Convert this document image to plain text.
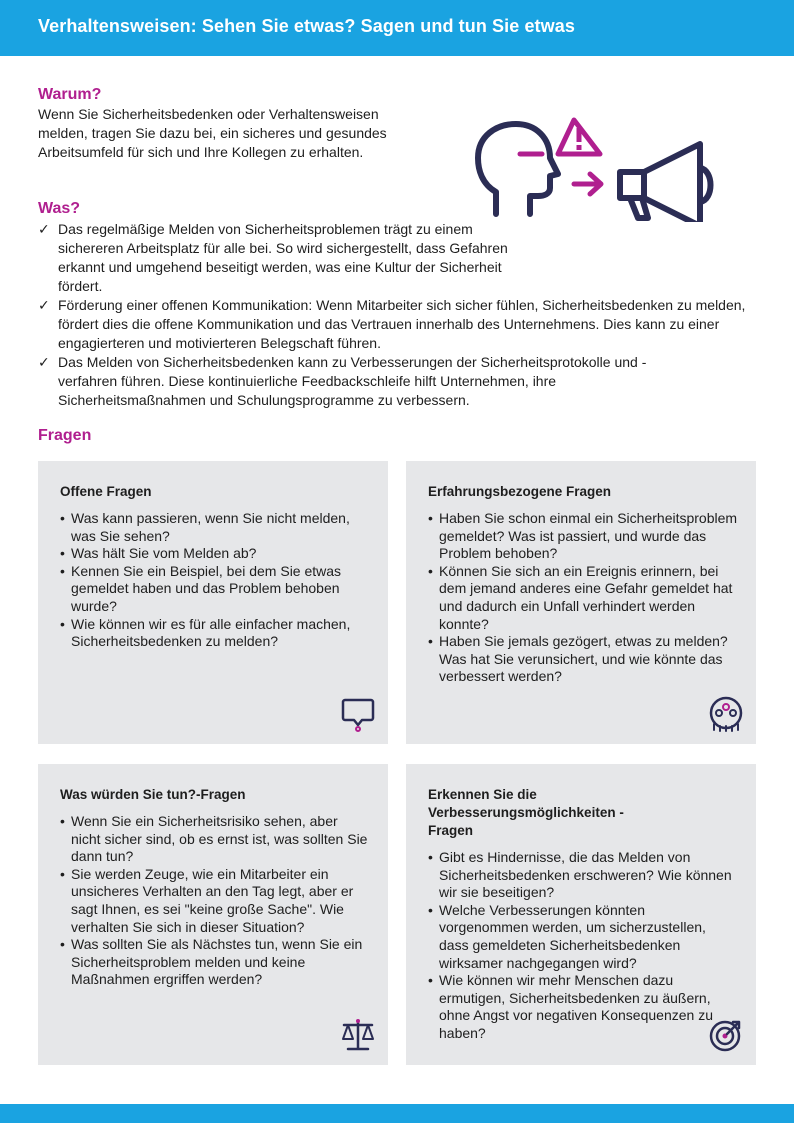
Verhaltensweisen: Sehen Sie etwas? Sagen und tun Sie etwas
Warum?

Wenn Sie Sicherheitsbedenken oder Verhaltensweisen melden, tragen Sie dazu bei, ein sicheres und gesundes Arbeitsumfeld für sich und Ihre Kollegen zu erhalten.

Was?
✓ Das regelmäßige Melden von Sicherheitsproblemen trägt zu einem sichereren Arbeitsplatz für alle bei. So wird sichergestellt, dass Gefahren erkannt und umgehend beseitigt werden, was eine Kultur der Sicherheit fördert.
✓ Förderung einer offenen Kommunikation: Wenn Mitarbeiter sich sicher fühlen, Sicherheitsbedenken zu melden, fördert dies die offene Kommunikation und das Vertrauen innerhalb des Unternehmens. Dies kann zu einer engagierteren und motivierteren Belegschaft führen.
✓ Das Melden von Sicherheitsbedenken kann zu Verbesserungen der Sicherheitsprotokolle und -verfahren führen. Diese kontinuierliche Feedbackschleife hilft Unternehmen, ihre Sicherheitsmaßnahmen und Schulungsprogramme zu verbessern.
Fragen
Offene Fragen
• Was kann passieren, wenn Sie nicht melden, was Sie sehen?
• Was hält Sie vom Melden ab?
• Kennen Sie ein Beispiel, bei dem Sie etwas gemeldet haben und das Problem behoben wurde?
• Wie können wir es für alle einfacher machen, Sicherheitsbedenken zu melden?
Erfahrungsbezogene Fragen
• Haben Sie schon einmal ein Sicherheitsproblem gemeldet? Was ist passiert, und wurde das Problem behoben?
• Können Sie sich an ein Ereignis erinnern, bei dem jemand anderes eine Gefahr gemeldet hat und dadurch ein Unfall verhindert werden konnte?
• Haben Sie jemals gezögert, etwas zu melden? Was hat Sie verunsichert, und wie könnte das verbessert werden?
Was würden Sie tun?-Fragen
• Wenn Sie ein Sicherheitsrisiko sehen, aber nicht sicher sind, ob es ernst ist, was sollten Sie dann tun?
• Sie werden Zeuge, wie ein Mitarbeiter ein unsicheres Verhalten an den Tag legt, aber er sagt Ihnen, es sei "keine große Sache". Wie verhalten Sie sich in dieser Situation?
• Was sollten Sie als Nächstes tun, wenn Sie ein Sicherheitsproblem melden und keine Maßnahmen ergriffen werden?
Erkennen Sie die Verbesserungsmöglichkeiten - Fragen
• Gibt es Hindernisse, die das Melden von Sicherheitsbedenken erschweren? Wie können wir sie beseitigen?
• Welche Verbesserungen könnten vorgenommen werden, um sicherzustellen, dass gemeldeten Sicherheitsbedenken wirksamer nachgegangen wird?
• Wie können wir mehr Menschen dazu ermutigen, Sicherheitsbedenken zu äußern, ohne Angst vor negativen Konsequenzen zu haben?
